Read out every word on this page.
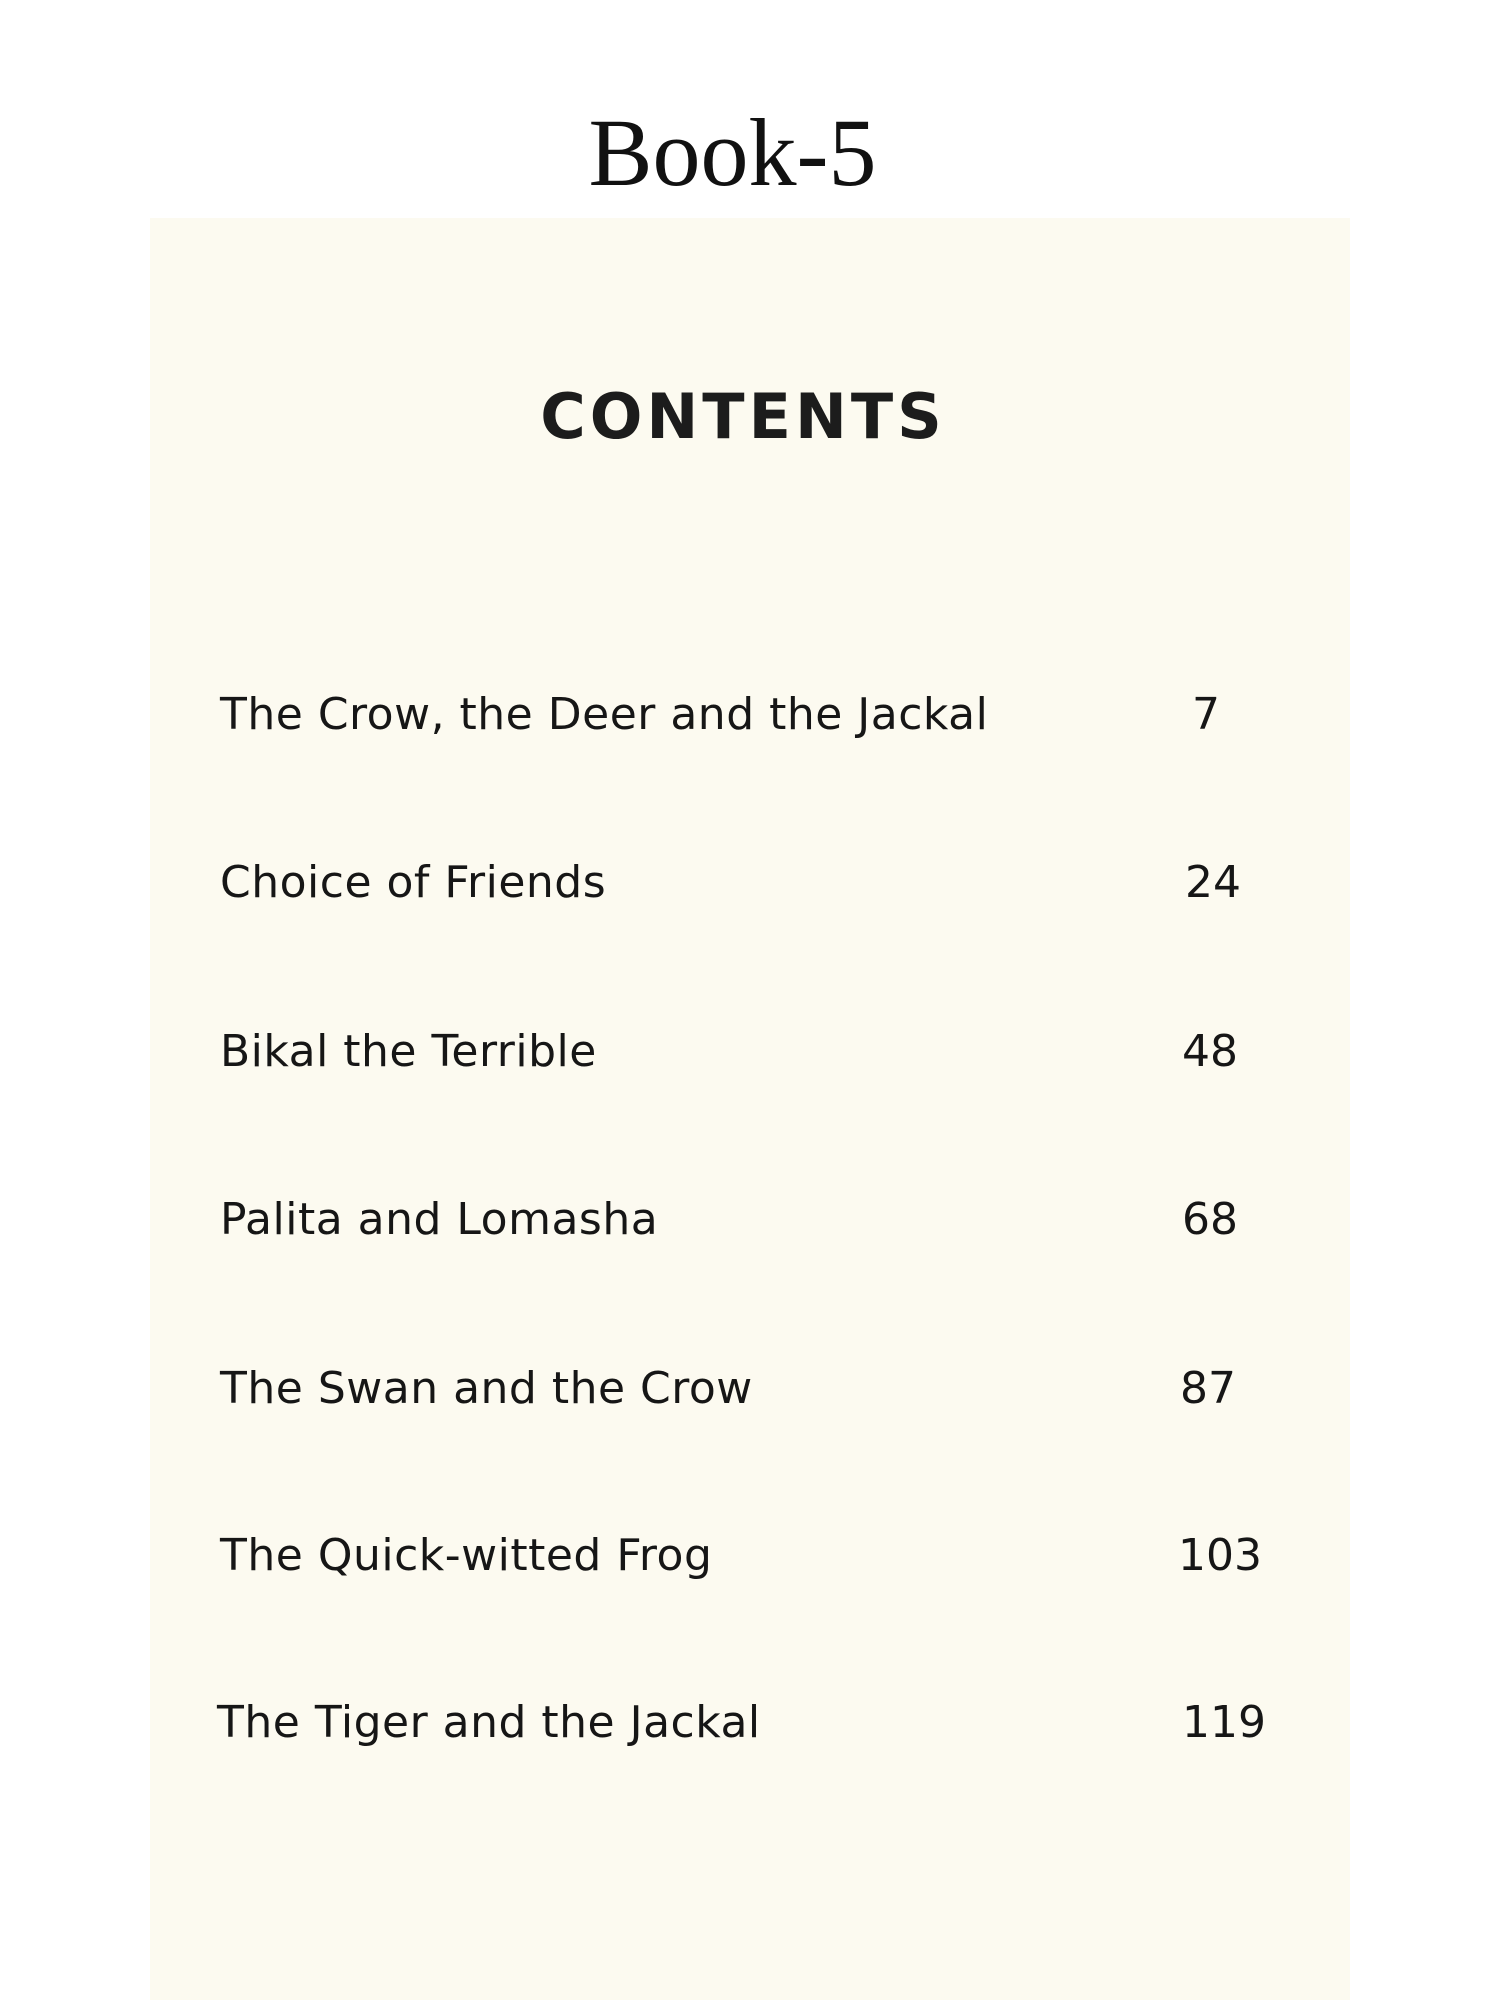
Book-5
CONTENTS
The Crow, the Deer and the Jackal	7
Choice of Friends	24
Bikal the Terrible	48
Palita and Lomasha	68
The Swan and the Crow	87
The Quick-witted Frog	103
The Tiger and the Jackal	119
